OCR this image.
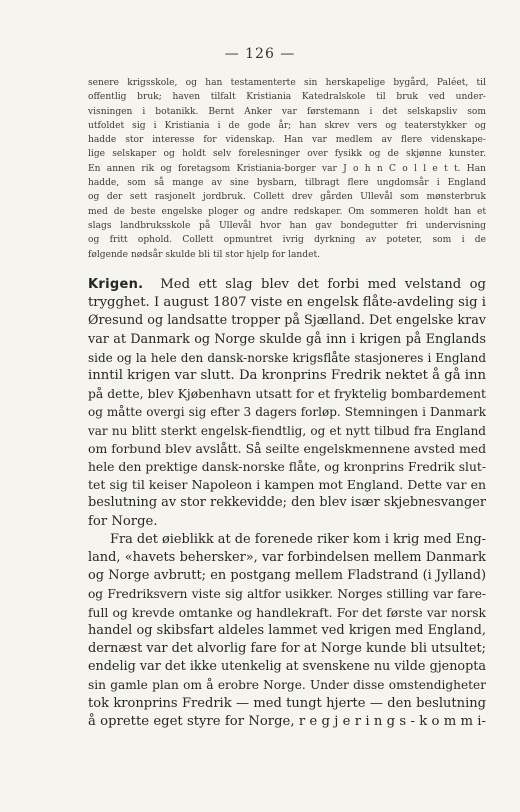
— 126 —
senere krigsskole, og han testamenterte sin herskapelige bygård, Paléet, til
offentlig bruk; haven tilfalt Kristiania Katedralskole til bruk ved under-
visningen i botanikk. Bernt Anker var førstemann i det selskapsliv som
utfoldet sig i Kristiania i de gode år; han skrev vers og teaterstykker og
hadde stor interesse for videnskap. Han var medlem av flere videnskape-
lige selskaper og holdt selv forelesninger over fysikk og de skjønne kunster.
En annen rik og foretagsom Kristiania-borger var J o h n C o l l e t t. Han
hadde, som så mange av sine bysbarn, tilbragt flere ungdomsår i England
og der sett rasjonelt jordbruk. Collett drev gården Ullevål som mønsterbruk
med de beste engelske ploger og andre redskaper. Om sommeren holdt han et
slags landbruksskole på Ullevål hvor han gav bondegutter fri undervisning
og fritt ophold. Collett opmuntret ivrig dyrkning av poteter, som i de
følgende nødsår skulde bli til stor hjelp for landet.
Krigen. Med ett slag blev det forbi med velstand og
trygghet. I august 1807 viste en engelsk flåte-avdeling sig i
Øresund og landsatte tropper på Sjælland. Det engelske krav
var at Danmark og Norge skulde gå inn i krigen på Englands
side og la hele den dansk-norske krigsflåte stasjoneres i England
inntil krigen var slutt. Da kronprins Fredrik nektet å gå inn
på dette, blev Kjøbenhavn utsatt for et fryktelig bombardement
og måtte overgi sig efter 3 dagers forløp. Stemningen i Danmark
var nu blitt sterkt engelsk-fiendtlig, og et nytt tilbud fra England
om forbund blev avslått. Så seilte engelskmennene avsted med
hele den prektige dansk-norske flåte, og kronprins Fredrik slut-
tet sig til keiser Napoleon i kampen mot England. Dette var en
beslutning av stor rekkevidde; den blev især skjebnesvanger
for Norge.
Fra det øieblikk at de forenede riker kom i krig med Eng-
land, «havets behersker», var forbindelsen mellem Danmark
og Norge avbrutt; en postgang mellem Fladstrand (i Jylland)
og Fredriksvern viste sig altfor usikker. Norges stilling var fare-
full og krevde omtanke og handlekraft. For det første var norsk
handel og skibsfart aldeles lammet ved krigen med England,
dernæst var det alvorlig fare for at Norge kunde bli utsultet;
endelig var det ikke utenkelig at svenskene nu vilde gjenopta
sin gamle plan om å erobre Norge. Under disse omstendigheter
tok kronprins Fredrik — med tungt hjerte — den beslutning
å oprette eget styre for Norge, r e g j e r i n g s - k o m m i-
